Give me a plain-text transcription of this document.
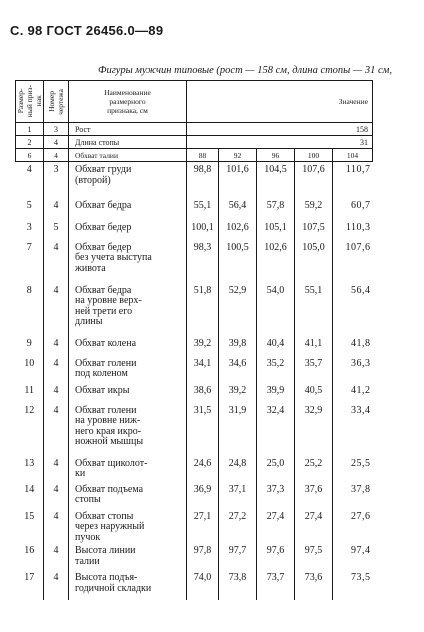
С. 98 ГОСТ 26456.0—89
Фигуры мужчин типовые (рост — 158 см, длина стопы — 31 см,
Размер-
ный приз-
нак	Номер
чертежа	Наименование
размерного
признака, см	Значение				

1	3	Рост	158				
2	4	Длина стопы	31				
6	4	Обхват талии	88	92	96	100	104
4	3	Обхват груди
(второй)	98,8	101,6	104,5	107,6	110,7
5	4	Обхват бедра	55,1	56,4	57,8	59,2	60,7
3	5	Обхват бедер	100,1	102,6	105,1	107,5	110,3
7	4	Обхват бедер
без учета выступа
живота	98,3	100,5	102,6	105,0	107,6
8	4	Обхват бедра
на уровне верх-
ней трети его
длины	51,8	52,9	54,0	55,1	56,4
9	4	Обхват колена	39,2	39,8	40,4	41,1	41,8
10	4	Обхват голени
под коленом	34,1	34,6	35,2	35,7	36,3
11	4	Обхват икры	38,6	39,2	39,9	40,5	41,2
12	4	Обхват голени
на уровне ниж-
него края икро-
ножной мышцы	31,5	31,9	32,4	32,9	33,4
13	4	Обхват щиколот-
ки	24,6	24,8	25,0	25,2	25,5
14	4	Обхват подъема
стопы	36,9	37,1	37,3	37,6	37,8
15	4	Обхват стопы
через наружный
пучок	27,1	27,2	27,4	27,4	27,6
16	4	Высота линии
талии	97,8	97,7	97,6	97,5	97,4
17	4	Высота подъя-
годичной складки	74,0	73,8	73,7	73,6	73,5
